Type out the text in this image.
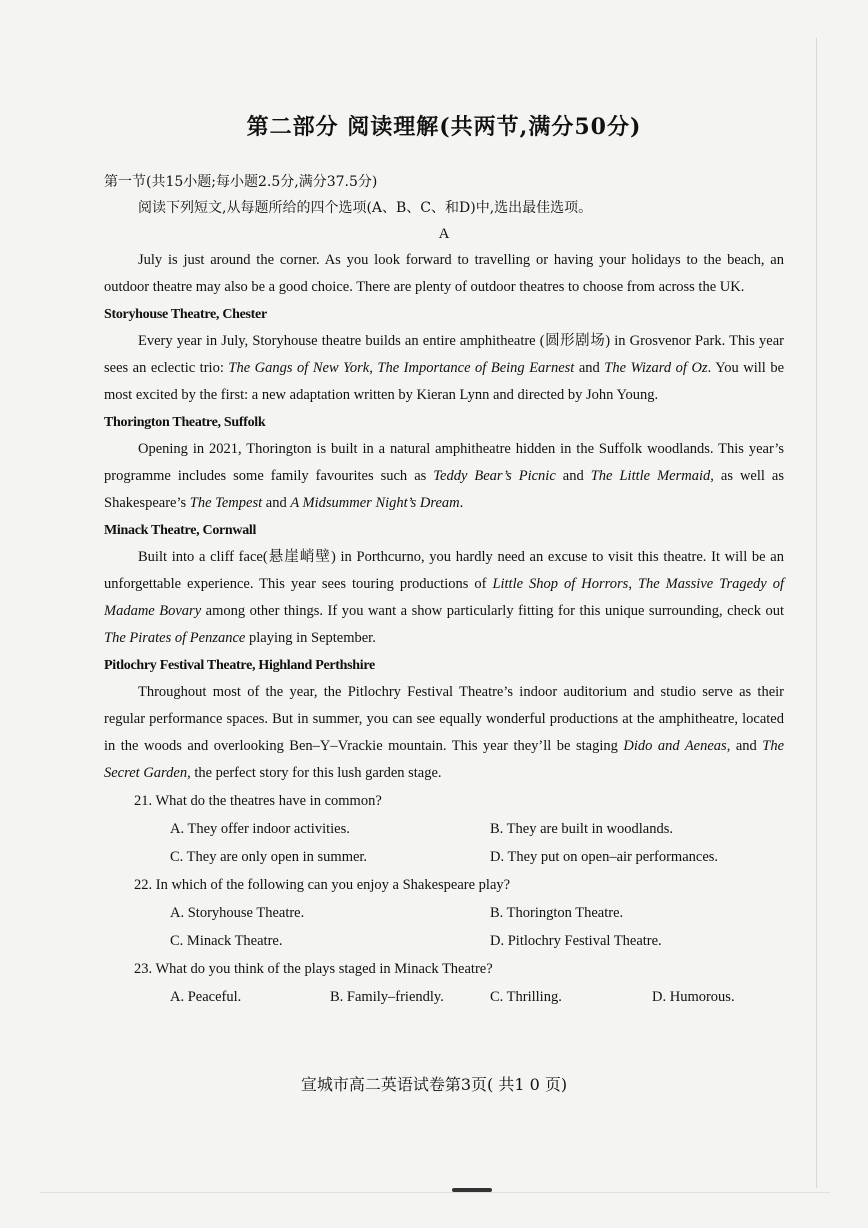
第二部分 阅读理解(共两节,满分50分)

第一节(共15小题;每小题2.5分,满分37.5分)

阅读下列短文,从每题所给的四个选项(A、B、C、和D)中,选出最佳选项。

A

July is just around the corner. As you look forward to travelling or having your holidays to the beach, an outdoor theatre may also be a good choice. There are plenty of outdoor theatres to choose from across the UK.

Storyhouse Theatre, Chester

Every year in July, Storyhouse theatre builds an entire amphitheatre (圆形剧场) in Grosvenor Park. This year sees an eclectic trio: The Gangs of New York, The Importance of Being Earnest and The Wizard of Oz. You will be most excited by the first: a new adaptation written by Kieran Lynn and directed by John Young.

Thorington Theatre, Suffolk

Opening in 2021, Thorington is built in a natural amphitheatre hidden in the Suffolk woodlands. This year’s programme includes some family favourites such as Teddy Bear’s Picnic and The Little Mermaid, as well as Shakespeare’s The Tempest and A Midsummer Night’s Dream.

Minack Theatre, Cornwall

Built into a cliff face(悬崖峭壁) in Porthcurno, you hardly need an excuse to visit this theatre. It will be an unforgettable experience. This year sees touring productions of Little Shop of Horrors, The Massive Tragedy of Madame Bovary among other things. If you want a show particularly fitting for this unique surrounding, check out The Pirates of Penzance playing in September.

Pitlochry Festival Theatre, Highland Perthshire

Throughout most of the year, the Pitlochry Festival Theatre’s indoor auditorium and studio serve as their regular performance spaces. But in summer, you can see equally wonderful productions at the amphitheatre, located in the woods and overlooking Ben–Y–Vrackie mountain. This year they’ll be staging Dido and Aeneas, and The Secret Garden, the perfect story for this lush garden stage.

21. What do the theatres have in common?

A. They offer indoor activities.	B. They are built in woodlands.
C. They are only open in summer.	D. They put on open–air performances.

22. In which of the following can you enjoy a Shakespeare play?

A. Storyhouse Theatre.	B. Thorington Theatre.
C. Minack Theatre.	D. Pitlochry Festival Theatre.

23. What do you think of the plays staged in Minack Theatre?

A. Peaceful.	B. Family–friendly.	C. Thrilling.	D. Humorous.
宣城市高二英语试卷第3页( 共1 0 页)
